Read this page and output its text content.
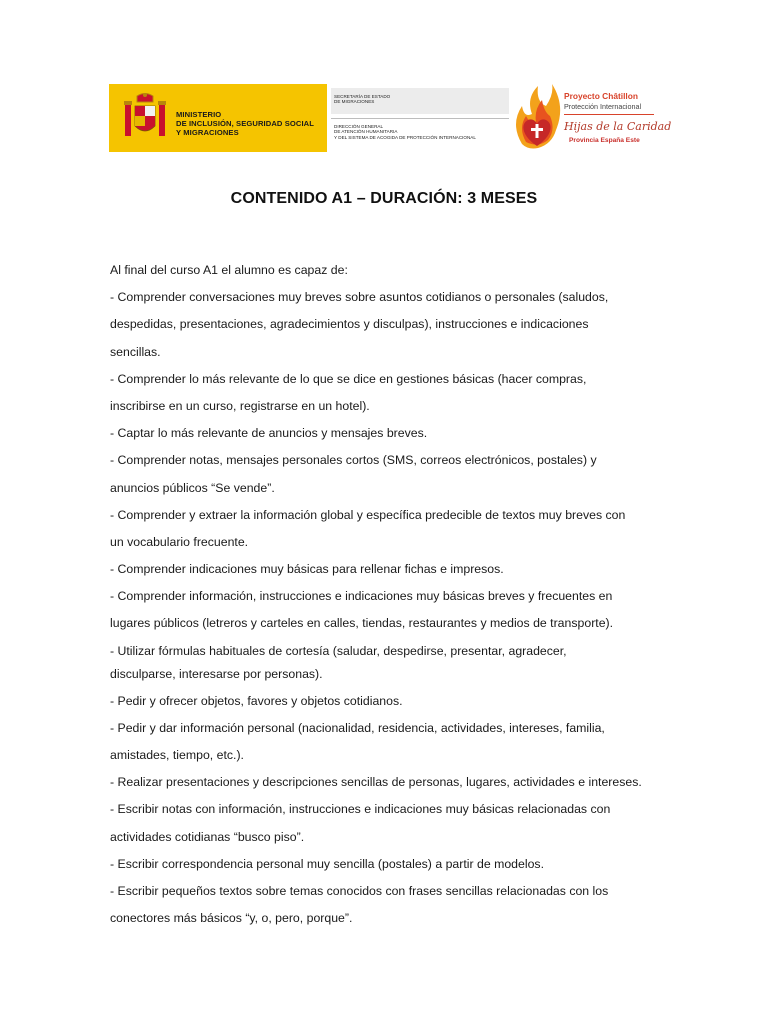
MINISTERIO
DE INCLUSIÓN, SEGURIDAD SOCIAL
Y MIGRACIONES
SECRETARÍA DE ESTADO
DE MIGRACIONES
DIRECCIÓN GENERAL
DE ATENCIÓN HUMANITARIA
Y DEL SISTEMA DE ACOGIDA DE PROTECCIÓN INTERNACIONAL
Proyecto Châtillon
Protección Internacional
Hijas de la Caridad
Provincia España Este
CONTENIDO A1 – DURACIÓN: 3 MESES
Al final del curso A1 el alumno es capaz de:
- Comprender conversaciones muy breves sobre asuntos cotidianos o personales (saludos,
despedidas, presentaciones, agradecimientos y disculpas), instrucciones e indicaciones
sencillas.
- Comprender lo más relevante de lo que se dice en gestiones básicas (hacer compras,
inscribirse en un curso, registrarse en un hotel).
- Captar lo más relevante de anuncios y mensajes breves.
- Comprender notas, mensajes personales cortos (SMS, correos electrónicos, postales) y
anuncios públicos “Se vende”.
- Comprender y extraer la información global y específica predecible de textos muy breves con
un vocabulario frecuente.
- Comprender indicaciones muy básicas para rellenar fichas e impresos.
- Comprender información, instrucciones e indicaciones muy básicas breves y frecuentes en
lugares públicos (letreros y carteles en calles, tiendas, restaurantes y medios de transporte).
- Utilizar fórmulas habituales de cortesía (saludar, despedirse, presentar, agradecer,
disculparse, interesarse por personas).
- Pedir y ofrecer objetos, favores y objetos cotidianos.
- Pedir y dar información personal (nacionalidad, residencia, actividades, intereses, familia,
amistades, tiempo, etc.).
- Realizar presentaciones y descripciones sencillas de personas, lugares, actividades e intereses.
- Escribir notas con información, instrucciones e indicaciones muy básicas relacionadas con
actividades cotidianas “busco piso”.
- Escribir correspondencia personal muy sencilla (postales) a partir de modelos.
- Escribir pequeños textos sobre temas conocidos con frases sencillas relacionadas con los
conectores más básicos “y, o, pero, porque”.
